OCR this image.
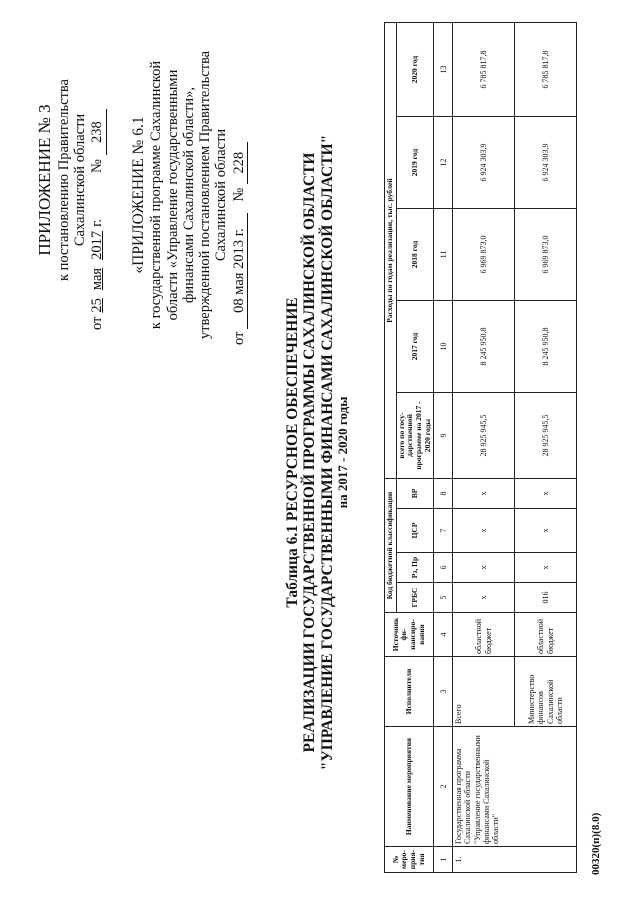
ПРИЛОЖЕНИЕ № 3 к постановлению Правительства Сахалинской области
от
25
мая
2017
г.
№
238 «ПРИЛОЖЕНИЕ № 6.1 к государственной программе Сахалинской области «Управление государственными финансами Сахалинской области», утвержденной постановлением Правительства Сахалинской области
от
08 мая 2013 г.
№
228
Таблица 6.1 РЕСУРСНОЕ ОБЕСПЕЧЕНИЕ РЕАЛИЗАЦИИ ГОСУДАРСТВЕННОЙ ПРОГРАММЫ САХАЛИНСКОЙ ОБЛАСТИ "УПРАВЛЕНИЕ ГОСУДАРСТВЕННЫМИ ФИНАНСАМИ САХАЛИНСКОЙ ОБЛАСТИ" на 2017 - 2020 годы
№ меро-прия-тия	Наименование мероприятия	Исполнители	Источник фи-нансиро-вания	Код бюджетной классификации				Расходы по годам реализации, тыс. рублей				
				ГРБС	Рз, Пр	ЦСР	ВР	всего по госу-дарственной программе на 2017 - 2020 годы	2017 год	2018 год	2019 год	2020 год
1	2	3	4	5	6	7	8	9	10	11	12	13
1.	Государственная программа Сахалинской области "Управление государственными финансами Сахалинской области"	Всего	областной бюджет	x	x	x	x	28 925 945,5	8 245 950,8	6 969 873,0	6 924 303,9	6 785 817,8
		Министерство финансов Сахалинской области	областной бюджет	016	x	x	x	28 925 945,5	8 245 950,8	6 969 873,0	6 924 303,9	6 785 817,8
00320(п)(8.0)
